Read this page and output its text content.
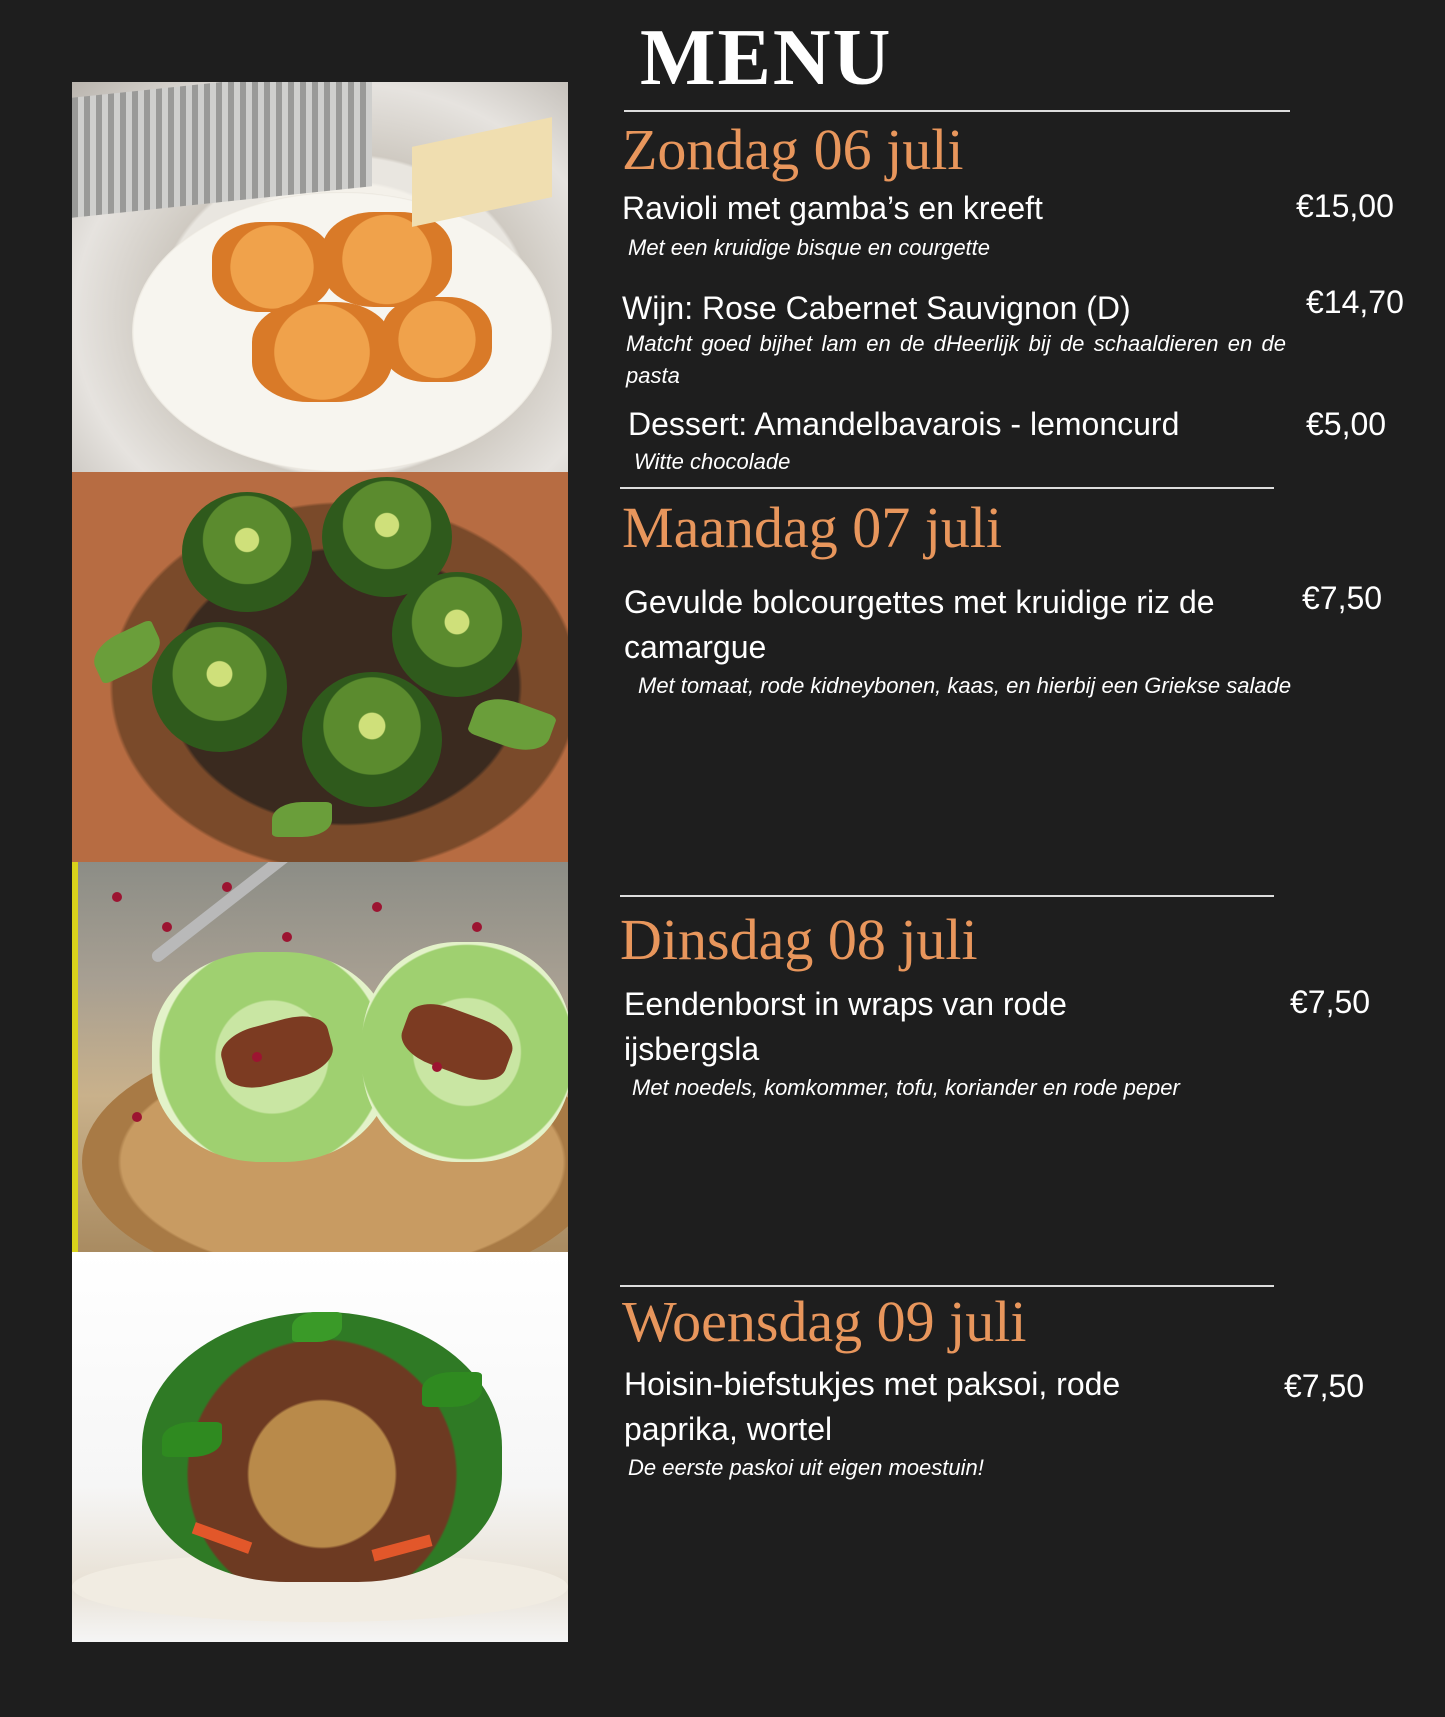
MENU
Zondag 06 juli
Ravioli met gamba’s en kreeft	€15,00
Met een kruidige bisque en courgette
Wijn: Rose Cabernet Sauvignon (D)	€14,70
Matcht goed bijhet lam en de dHeerlijk bij de schaaldieren en de pasta
Dessert: Amandelbavarois - lemoncurd	€5,00
Witte chocolade
Maandag 07 juli
Gevulde bolcourgettes met kruidige riz de camargue
€7,50
Met tomaat, rode kidneybonen, kaas, en hierbij een Griekse salade
Dinsdag 08 juli
Eendenborst in wraps van rode ijsbergsla
€7,50
Met noedels, komkommer, tofu, koriander en rode peper
Woensdag 09 juli
Hoisin-biefstukjes met paksoi, rode paprika, wortel
€7,50
De eerste paskoi uit eigen moestuin!
